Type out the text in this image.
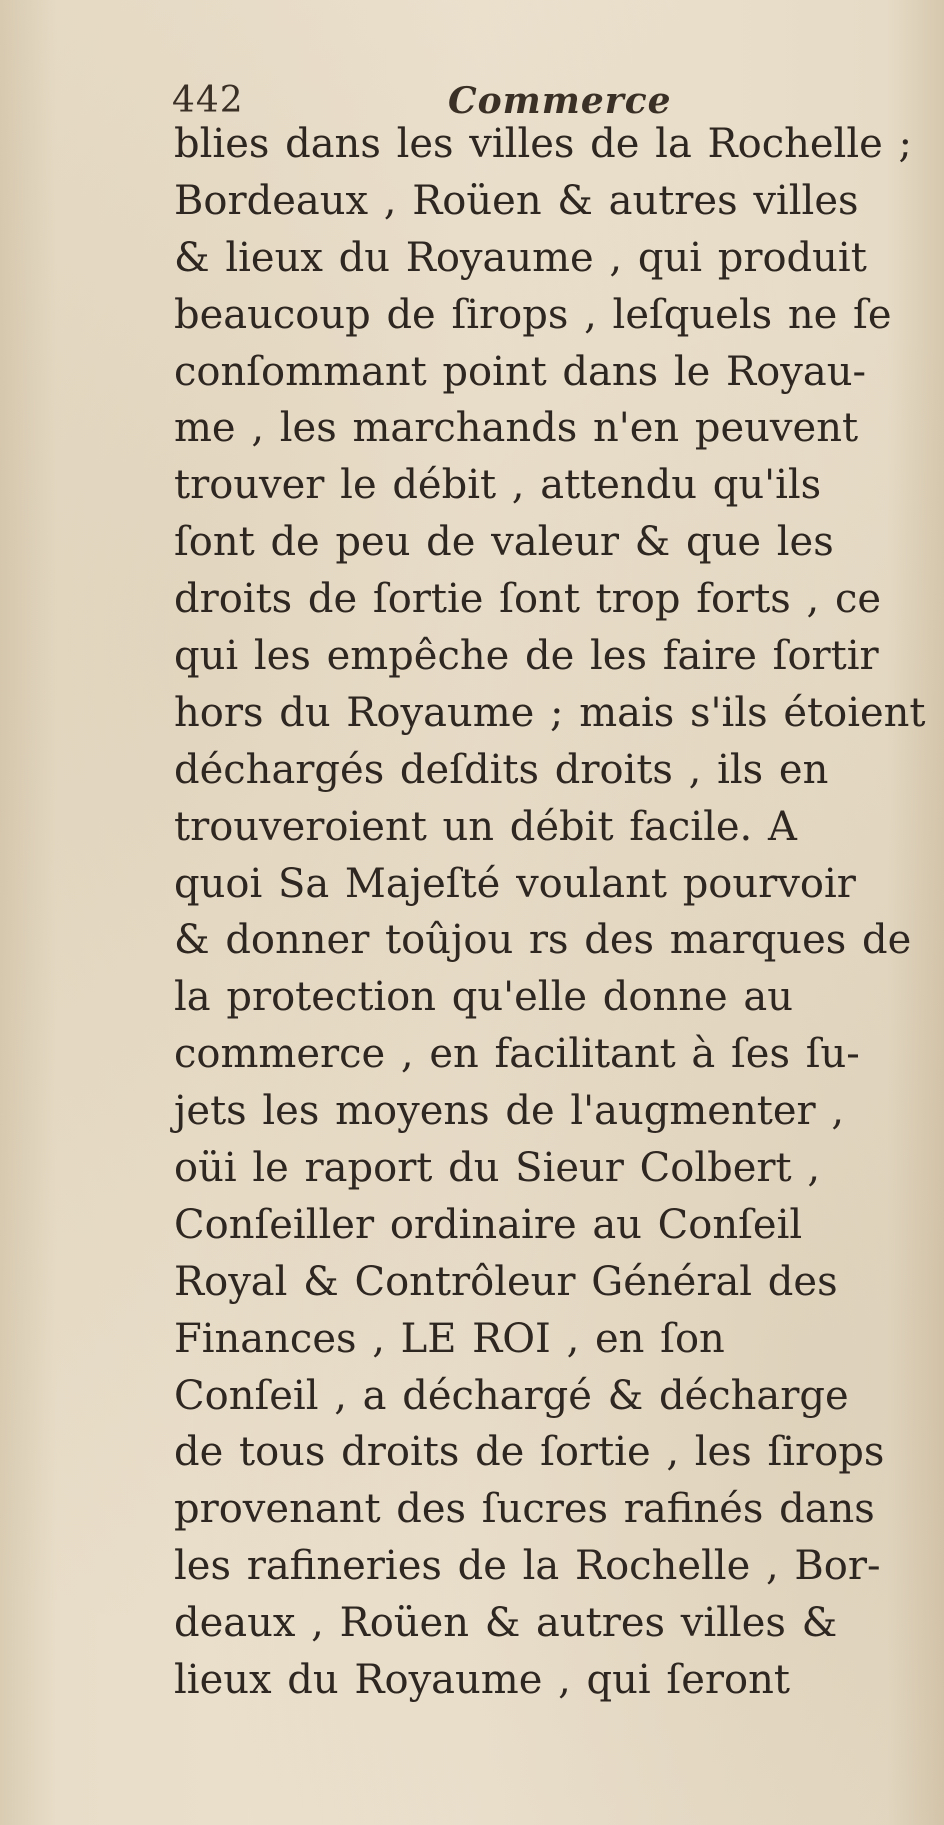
442	Commerce
blies dans les villes de la Rochelle ;
Bordeaux , Roüen & autres villes
& lieux du Royaume , qui produit
beaucoup de ſirops , leſquels ne ſe
conſommant point dans le Royau-
me , les marchands n'en peuvent
trouver le débit , attendu qu'ils
ſont de peu de valeur & que les
droits de ſortie ſont trop forts , ce
qui les empêche de les faire ſortir
hors du Royaume ; mais s'ils étoient
déchargés deſdits droits , ils en
trouveroient un débit facile. A
quoi Sa Majeſté voulant pourvoir
& donner toûjou rs des marques de
la protection qu'elle donne au
commerce , en facilitant à ſes ſu-
jets les moyens de l'augmenter ,
oüi le raport du Sieur Colbert ,
Conſeiller ordinaire au Conſeil
Royal & Contrôleur Général des
Finances , LE ROI , en ſon
Conſeil , a déchargé & décharge
de tous droits de ſortie , les ſirops
provenant des ſucres rafinés dans
les rafineries de la Rochelle , Bor-
deaux , Roüen & autres villes &
lieux du Royaume , qui ſeront
